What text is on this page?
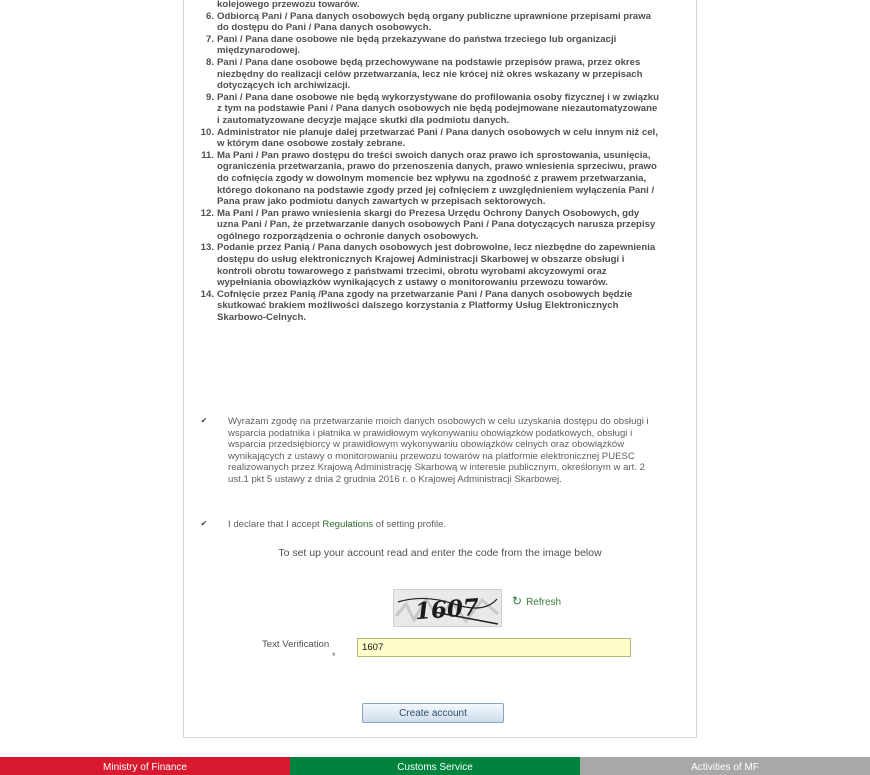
kolejowego przewozu towarów.
6. Odbiorcą Pani / Pana danych osobowych będą organy publiczne uprawnione przepisami prawa
do dostępu do Pani / Pana danych osobowych.
7. Pani / Pana dane osobowe nie będą przekazywane do państwa trzeciego lub organizacji
międzynarodowej.
8. Pani / Pana dane osobowe będą przechowywane na podstawie przepisów prawa, przez okres
niezbędny do realizacji celów przetwarzania, lecz nie krócej niż okres wskazany w przepisach
dotyczących ich archiwizacji.
9. Pani / Pana dane osobowe nie będą wykorzystywane do profilowania osoby fizycznej i w związku
z tym na podstawie Pani / Pana danych osobowych nie będą podejmowane niezautomatyzowane
i zautomatyzowane decyzje mające skutki dla podmiotu danych.
10. Administrator nie planuje dalej przetwarzać Pani / Pana danych osobowych w celu innym niż cel,
w którym dane osobowe zostały zebrane.
11. Ma Pani / Pan prawo dostępu do treści swoich danych oraz prawo ich sprostowania, usunięcia,
ograniczenia przetwarzania, prawo do przenoszenia danych, prawo wniesienia sprzeciwu, prawo
do cofnięcia zgody w dowolnym momencie bez wpływu na zgodność z prawem przetwarzania,
którego dokonano na podstawie zgody przed jej cofnięciem z uwzględnieniem wyłączenia Pani /
Pana praw jako podmiotu danych zawartych w przepisach sektorowych.
12. Ma Pani / Pan prawo wniesienia skargi do Prezesa Urzędu Ochrony Danych Osobowych, gdy
uzna Pani / Pan, że przetwarzanie danych osobowych Pani / Pana dotyczących narusza przepisy
ogólnego rozporządzenia o ochronie danych osobowych.
13. Podanie przez Panią / Pana danych osobowych jest dobrowolne, lecz niezbędne do zapewnienia
dostępu do usług elektronicznych Krajowej Administracji Skarbowej w obszarze obsługi i
kontroli obrotu towarowego z państwami trzecimi, obrotu wyrobami akcyzowymi oraz
wypełniania obowiązków wynikających z ustawy o monitorowaniu przewozu towarów.
14. Cofnięcie przez Panią /Pana zgody na przetwarzanie Pani / Pana danych osobowych będzie
skutkować brakiem możliwości dalszego korzystania z Platformy Usług Elektronicznych
Skarbowo-Celnych.
✔ Wyrażam zgodę na przetwarzanie moich danych osobowych w celu uzyskania dostępu do obsługi i
wsparcia podatnika i płatnika w prawidłowym wykonywaniu obowiązków podatkowych, obsługi i
wsparcia przedsiębiorcy w prawidłowym wykonywaniu obowiązków celnych oraz obowiązków
wynikających z ustawy o monitorowaniu przewozu towarów na platformie elektronicznej PUESC
realizowanych przez Krajową Administrację Skarbową w interesie publicznym, określonym w art. 2
ust.1 pkt 5 ustawy z dnia 2 grudnia 2016 r. o Krajowej Administracji Skarbowej.
✔ I declare that I accept Regulations of setting profile.
To set up your account read and enter the code from the image below
1607	↻ Refresh
Text Verification
*
1607
Create account
Ministry of Finance	Customs Service	Activities of MF
